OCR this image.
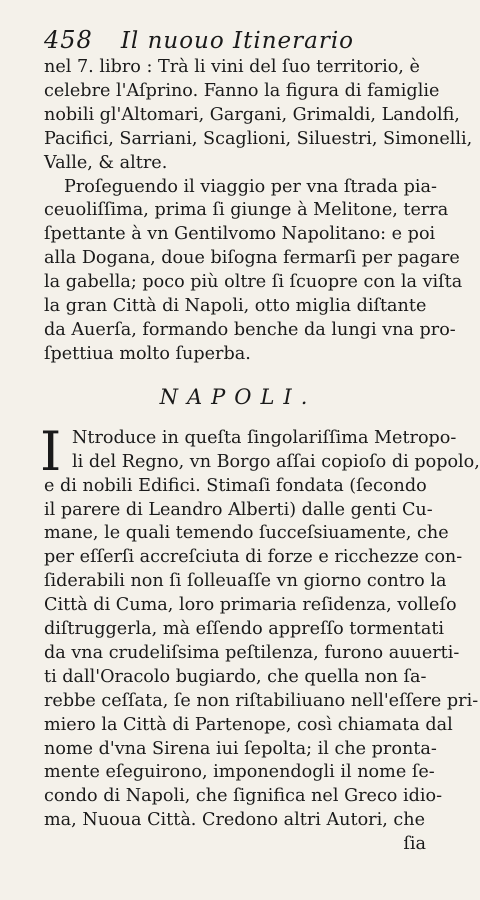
458 Il nuouo Itinerario
nel 7. libro : Trà li vini del ſuo territorio, è
celebre l'Aſprino. Fanno la figura di famiglie
nobili gl'Altomari, Gargani, Grimaldi, Landolfi,
Pacifici, Sarriani, Scaglioni, Siluestri, Simonelli,
Valle, & altre.
Proſeguendo il viaggio per vna ſtrada pia-
ceuoliſſima, prima ſi giunge à Melitone, terra
ſpettante à vn Gentilvomo Napolitano: e poi
alla Dogana, doue biſogna fermarſi per pagare
la gabella; poco più oltre ſi ſcuopre con la viſta
la gran Città di Napoli, otto miglia diſtante
da Auerſa, formando benche da lungi vna pro-
ſpettiua molto ſuperba.
NAPOLI.
I Ntroduce in queſta ſingolariſſima Metropo-
li del Regno, vn Borgo aſſai copioſo di popolo,
e di nobili Edifici. Stimaſi fondata (ſecondo
il parere di Leandro Alberti) dalle genti Cu-
mane, le quali temendo ſucceſsiuamente, che
per eſſerſi accreſciuta di forze e ricchezze con-
ſiderabili non ſi ſolleuaſſe vn giorno contro la
Città di Cuma, loro primaria reſidenza, volleſo
diſtruggerla, mà eſſendo appreſſo tormentati
da vna crudeliſsima peſtilenza, furono auuerti-
ti dall'Oracolo bugiardo, che quella non ſa-
rebbe ceſſata, ſe non riſtabiliuano nell'eſſere pri-
miero la Città di Partenope, così chiamata dal
nome d'vna Sirena iui ſepolta; il che pronta-
mente eſeguirono, imponendogli il nome ſe-
condo di Napoli, che ſignifica nel Greco idio-
ma, Nuoua Città. Credono altri Autori, che
ſia
